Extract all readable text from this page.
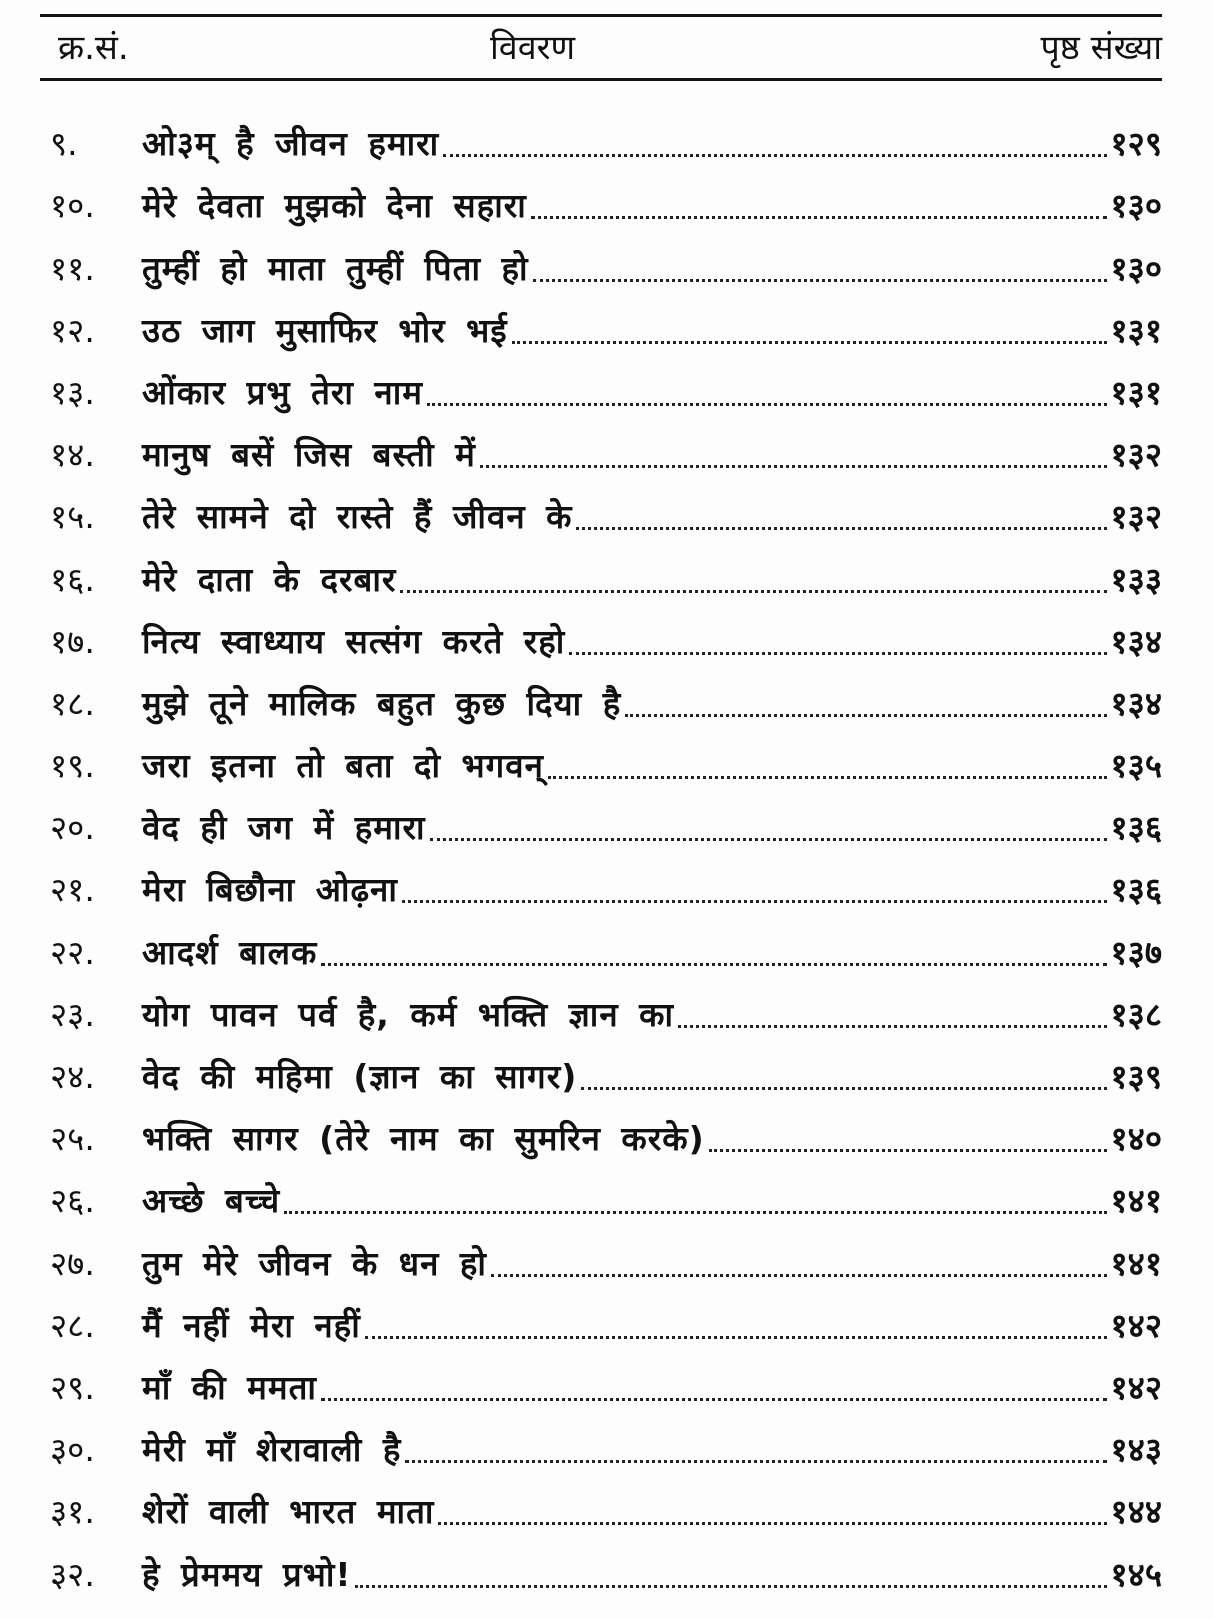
क्र.सं.	विवरण	पृष्ठ संख्या
९.	ओ३म् है जीवन हमारा	१२९
१०.	मेरे देवता मुझको देना सहारा	१३०
११.	तुम्हीं हो माता तुम्हीं पिता हो	१३०
१२.	उठ जाग मुसाफिर भोर भई	१३१
१३.	ओंकार प्रभु तेरा नाम	१३१
१४.	मानुष बसें जिस बस्ती में	१३२
१५.	तेरे सामने दो रास्ते हैं जीवन के	१३२
१६.	मेरे दाता के दरबार	१३३
१७.	नित्य स्वाध्याय सत्संग करते रहो	१३४
१८.	मुझे तूने मालिक बहुत कुछ दिया है	१३४
१९.	जरा इतना तो बता दो भगवन्	१३५
२०.	वेद ही जग में हमारा	१३६
२१.	मेरा बिछौना ओढ़ना	१३६
२२.	आदर्श बालक	१३७
२३.	योग पावन पर्व है, कर्म भक्ति ज्ञान का	१३८
२४.	वेद की महिमा (ज्ञान का सागर)	१३९
२५.	भक्ति सागर (तेरे नाम का सुमरिन करके)	१४०
२६.	अच्छे बच्चे	१४१
२७.	तुम मेरे जीवन के धन हो	१४१
२८.	मैं नहीं मेरा नहीं	१४२
२९.	माँ की ममता	१४२
३०.	मेरी माँ शेरावाली है	१४३
३१.	शेरों वाली भारत माता	१४४
३२.	हे प्रेममय प्रभो!	१४५
